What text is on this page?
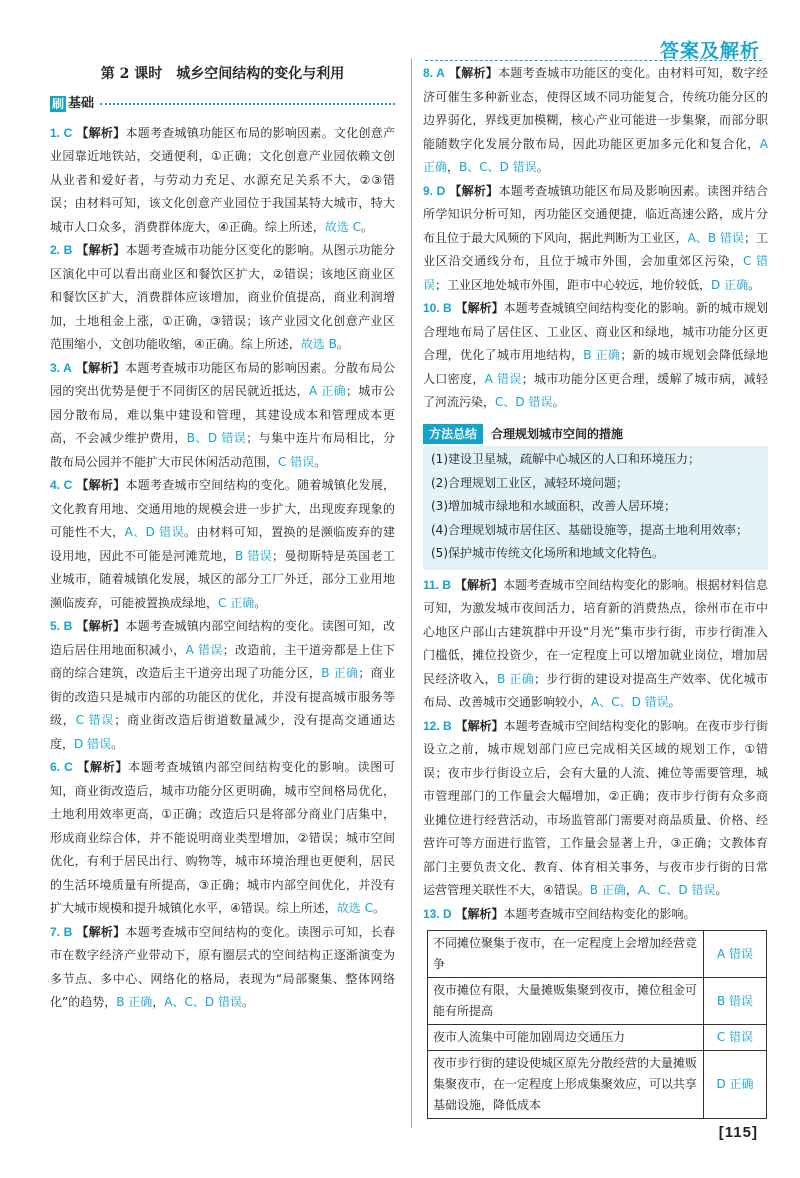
答案及解析
第 2 课时　城乡空间结构的变化与利用
刷 基础

1. C 【解析】本题考查城镇功能区布局的影响因素。文化创意产业园靠近地铁站，交通便利，①正确；文化创意产业园依赖文创从业者和爱好者，与劳动力充足、水源充足关系不大，②③错误；由材料可知，该文化创意产业园位于我国某特大城市，特大城市人口众多，消费群体庞大，④正确。综上所述，故选 C。

2. B 【解析】本题考查城市功能分区变化的影响。从图示功能分区演化中可以看出商业区和餐饮区扩大，②错误；该地区商业区和餐饮区扩大，消费群体应该增加，商业价值提高，商业利润增加，土地租金上涨，①正确，③错误；该产业园文化创意产业区范围缩小，文创功能收缩，④正确。综上所述，故选 B。

3. A 【解析】本题考查城市功能区布局的影响因素。分散布局公园的突出优势是便于不同街区的居民就近抵达，A 正确；城市公园分散布局，难以集中建设和管理，其建设成本和管理成本更高，不会减少维护费用，B、D 错误；与集中连片布局相比，分散布局公园并不能扩大市民休闲活动范围，C 错误。

4. C 【解析】本题考查城市空间结构的变化。随着城镇化发展，文化教育用地、交通用地的规模会进一步扩大，出现废弃现象的可能性不大，A、D 错误。由材料可知，置换的是濒临废弃的建设用地，因此不可能是河滩荒地，B 错误；曼彻斯特是英国老工业城市，随着城镇化发展，城区的部分工厂外迁，部分工业用地濒临废弃，可能被置换成绿地，C 正确。

5. B 【解析】本题考查城镇内部空间结构的变化。读图可知，改造后居住用地面积减小，A 错误；改造前，主干道旁都是上住下商的综合建筑，改造后主干道旁出现了功能分区，B 正确；商业街的改造只是城市内部的功能区的优化，并没有提高城市服务等级，C 错误；商业街改造后街道数量减少，没有提高交通通达度，D 错误。

6. C 【解析】本题考查城镇内部空间结构变化的影响。读图可知，商业街改造后，城市功能分区更明确，城市空间格局优化，土地利用效率更高，①正确；改造后只是将部分商业门店集中，形成商业综合体，并不能说明商业类型增加，②错误；城市空间优化，有利于居民出行、购物等，城市环境治理也更便利，居民的生活环境质量有所提高，③正确；城市内部空间优化，并没有扩大城市规模和提升城镇化水平，④错误。综上所述，故选 C。

7. B 【解析】本题考查城市空间结构的变化。读图示可知，长春市在数字经济产业带动下，原有圈层式的空间结构正逐渐演变为多节点、多中心、网络化的格局，表现为“局部聚集、整体网络化”的趋势，B 正确，A、C、D 错误。

8. A 【解析】本题考查城市功能区的变化。由材料可知，数字经济可催生多种新业态，使得区域不同功能复合，传统功能分区的边界弱化，界线更加模糊，核心产业可能进一步集聚，而部分职能随数字化发展分散布局，因此功能区更加多元化和复合化，A 正确，B、C、D 错误。

9. D 【解析】本题考查城镇功能区布局及影响因素。读图并结合所学知识分析可知，丙功能区交通便捷，临近高速公路，成片分布且位于最大风频的下风向，据此判断为工业区，A、B 错误；工业区沿交通线分布，且位于城市外围，会加重郊区污染，C 错误；工业区地处城市外围，距市中心较远，地价较低，D 正确。

10. B 【解析】本题考查城镇空间结构变化的影响。新的城市规划合理地布局了居住区、工业区、商业区和绿地，城市功能分区更合理，优化了城市用地结构，B 正确；新的城市规划会降低绿地人口密度，A 错误；城市功能分区更合理，缓解了城市病，减轻了河流污染，C、D 错误。

方法总结	合理规划城市空间的措施
(1)建设卫星城，疏解中心城区的人口和环境压力；
(2)合理规划工业区，减轻环境问题；
(3)增加城市绿地和水域面积，改善人居环境；
(4)合理规划城市居住区、基础设施等，提高土地利用效率；
(5)保护城市传统文化场所和地域文化特色。

11. B 【解析】本题考查城市空间结构变化的影响。根据材料信息可知，为激发城市夜间活力，培育新的消费热点，徐州市在市中心地区户部山古建筑群中开设“月光”集市步行街，市步行街准入门槛低，摊位投资少，在一定程度上可以增加就业岗位，增加居民经济收入，B 正确；步行街的建设对提高生产效率、优化城市布局、改善城市交通影响较小，A、C、D 错误。

12. B 【解析】本题考查城市空间结构变化的影响。在夜市步行街设立之前，城市规划部门应已完成相关区域的规划工作，①错误；夜市步行街设立后，会有大量的人流、摊位等需要管理，城市管理部门的工作量会大幅增加，②正确；夜市步行街有众多商业摊位进行经营活动，市场监管部门需要对商品质量、价格、经营许可等方面进行监管，工作量会显著上升，③正确；文教体育部门主要负责文化、教育、体育相关事务，与夜市步行街的日常运营管理关联性不大，④错误。B 正确，A、C、D 错误。

13. D 【解析】本题考查城市空间结构变化的影响。

不同摊位聚集于夜市，在一定程度上会增加经营竞争	A 错误
夜市摊位有限，大量摊贩集聚到夜市，摊位租金可能有所提高	B 错误
夜市人流集中可能加剧周边交通压力	C 错误
夜市步行街的建设使城区原先分散经营的大量摊贩集聚夜市，在一定程度上形成集聚效应，可以共享基础设施，降低成本	D 正确
[115]
